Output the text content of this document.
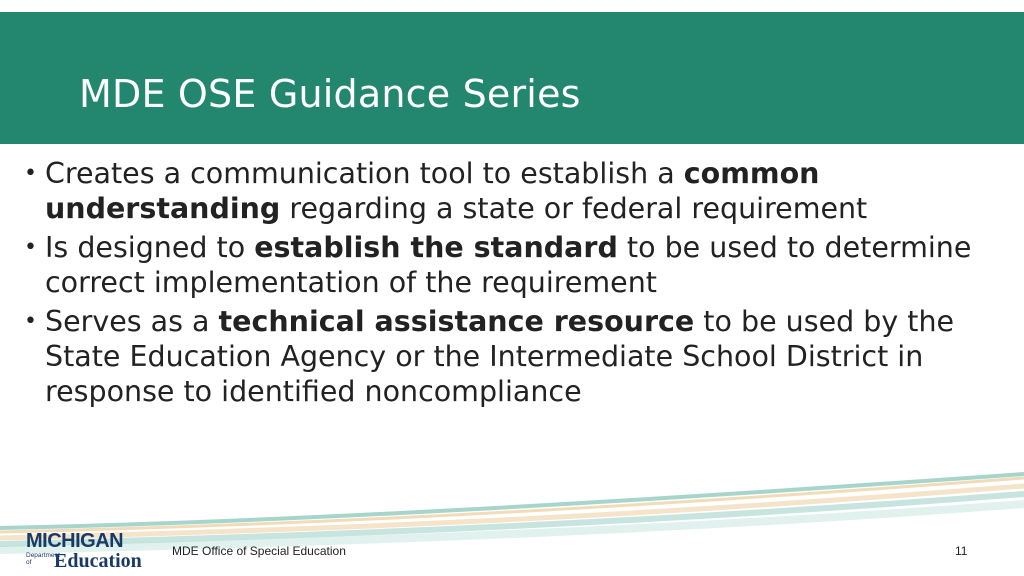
MDE OSE Guidance Series
• Creates a communication tool to establish a common understanding regarding a state or federal requirement
• Is designed to establish the standard to be used to determine correct implementation of the requirement
• Serves as a technical assistance resource to be used by the State Education Agency or the Intermediate School District in response to identified noncompliance
MICHIGAN
Department of	Education	MDE Office of Special Education	11
